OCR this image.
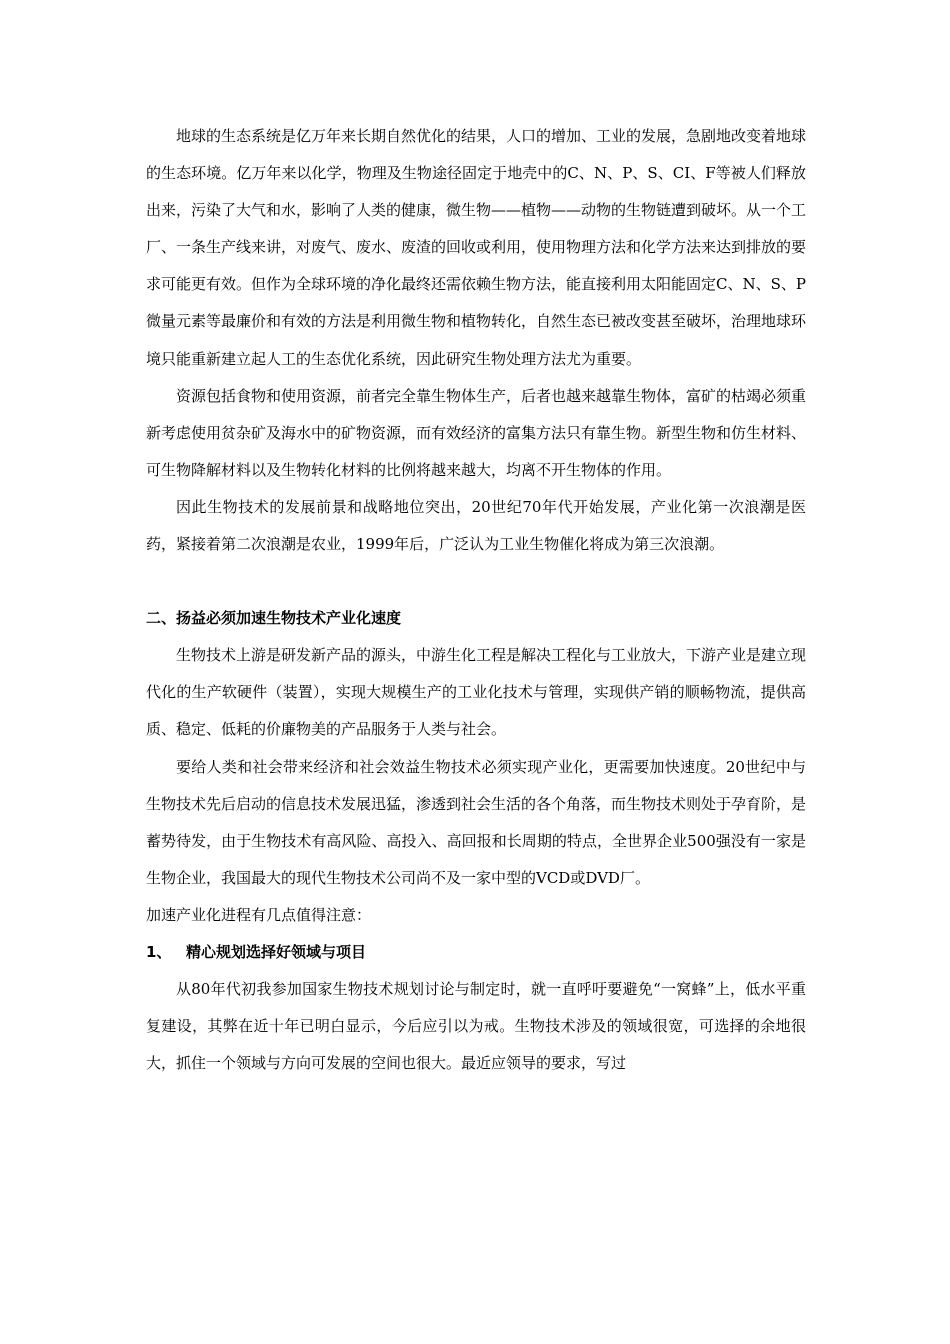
地球的生态系统是亿万年来长期自然优化的结果，人口的增加、工业的发展，急剧地改变着地球的生态环境。亿万年来以化学，物理及生物途径固定于地壳中的C、N、P、S、CI、F等被人们释放出来，污染了大气和水，影响了人类的健康，微生物——植物——动物的生物链遭到破坏。从一个工厂、一条生产线来讲，对废气、废水、废渣的回收或利用，使用物理方法和化学方法来达到排放的要求可能更有效。但作为全球环境的净化最终还需依赖生物方法，能直接利用太阳能固定C、N、S、P微量元素等最廉价和有效的方法是利用微生物和植物转化，自然生态已被改变甚至破坏，治理地球环境只能重新建立起人工的生态优化系统，因此研究生物处理方法尤为重要。

资源包括食物和使用资源，前者完全靠生物体生产，后者也越来越靠生物体，富矿的枯竭必须重新考虑使用贫杂矿及海水中的矿物资源，而有效经济的富集方法只有靠生物。新型生物和仿生材料、可生物降解材料以及生物转化材料的比例将越来越大，均离不开生物体的作用。

因此生物技术的发展前景和战略地位突出，20世纪70年代开始发展，产业化第一次浪潮是医药，紧接着第二次浪潮是农业，1999年后，广泛认为工业生物催化将成为第三次浪潮。

二、扬益必须加速生物技术产业化速度

生物技术上游是研发新产品的源头，中游生化工程是解决工程化与工业放大，下游产业是建立现代化的生产软硬件（装置），实现大规模生产的工业化技术与管理，实现供产销的顺畅物流，提供高质、稳定、低耗的价廉物美的产品服务于人类与社会。

要给人类和社会带来经济和社会效益生物技术必须实现产业化，更需要加快速度。20世纪中与生物技术先后启动的信息技术发展迅猛，渗透到社会生活的各个角落，而生物技术则处于孕育阶，是蓄势待发，由于生物技术有高风险、高投入、高回报和长周期的特点，全世界企业500强没有一家是生物企业，我国最大的现代生物技术公司尚不及一家中型的VCD或DVD厂。

加速产业化进程有几点值得注意：

1、 精心规划选择好领域与项目

从80年代初我参加国家生物技术规划讨论与制定时，就一直呼吁要避免“一窝蜂”上，低水平重复建设，其弊在近十年已明白显示，今后应引以为戒。生物技术涉及的领域很宽，可选择的余地很大，抓住一个领域与方向可发展的空间也很大。最近应领导的要求，写过
